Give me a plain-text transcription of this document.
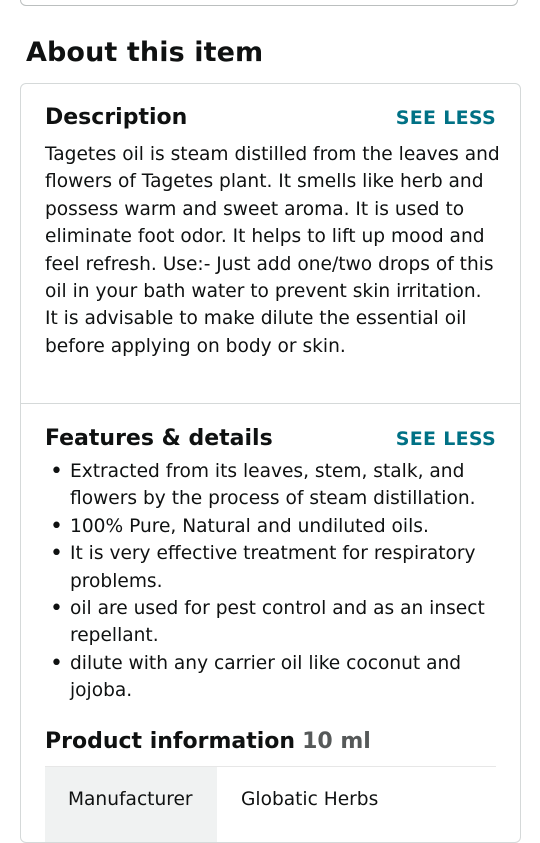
About this item
Description	SEE LESS

Tagetes oil is steam distilled from the leaves and flowers of Tagetes plant. It smells like herb and possess warm and sweet aroma. It is used to eliminate foot odor. It helps to lift up mood and feel refresh. Use:- Just add one/two drops of this oil in your bath water to prevent skin irritation. It is advisable to make dilute the essential oil before applying on body or skin.

Features & details	SEE LESS
• Extracted from its leaves, stem, stalk, and flowers by the process of steam distillation.
• 100% Pure, Natural and undiluted oils.
• It is very effective treatment for respiratory problems.
• oil are used for pest control and as an insect repellant.
• dilute with any carrier oil like coconut and jojoba.
Product information 10 ml
Manufacturer	Globatic Herbs
